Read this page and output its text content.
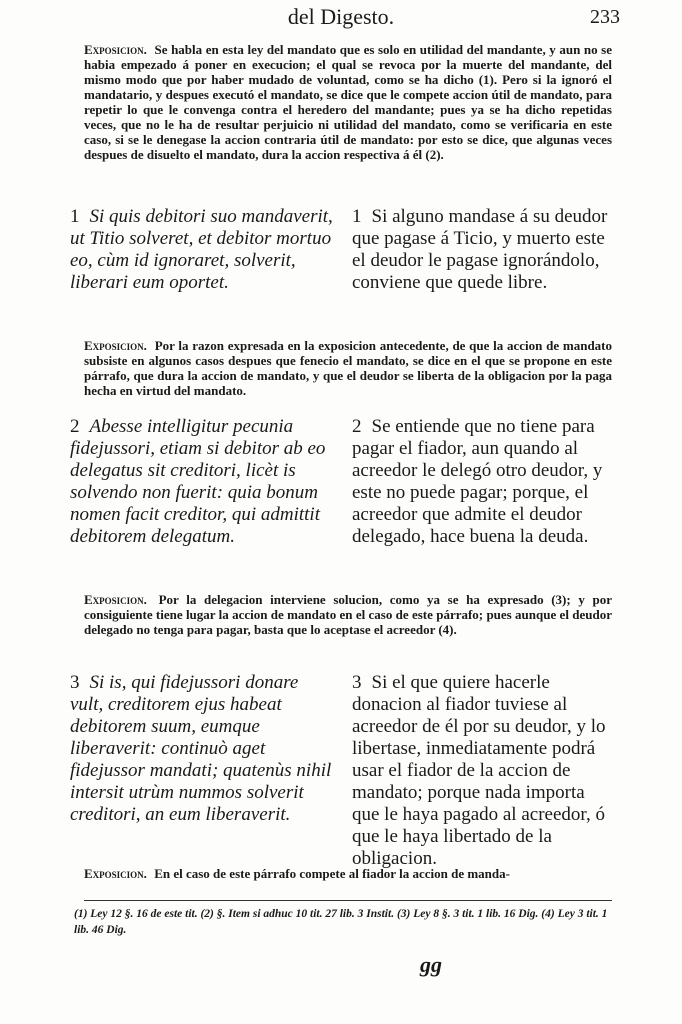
del Digesto.	233
Exposicion. Se habla en esta ley del mandato que es solo en utilidad del mandante, y aun no se habia empezado á poner en execucion; el qual se revoca por la muerte del mandante, del mismo modo que por haber mudado de voluntad, como se ha dicho (1). Pero si la ignoró el mandatario, y despues executó el mandato, se dice que le compete accion útil de mandato, para repetir lo que le convenga contra el heredero del mandante; pues ya se ha dicho repetidas veces, que no le ha de resultar perjuicio ni utilidad del mandato, como se verificaria en este caso, si se le denegase la accion contraria útil de mandato: por esto se dice, que algunas veces despues de disuelto el mandato, dura la accion respectiva á él (2).
1 Si quis debitori suo mandaverit, ut Titio solveret, et debitor mortuo eo, cùm id ignoraret, solverit, liberari eum oportet.
1 Si alguno mandase á su deudor que pagase á Ticio, y muerto este el deudor le pagase ignorándolo, conviene que quede libre.
Exposicion. Por la razon expresada en la exposicion antecedente, de que la accion de mandato subsiste en algunos casos despues que fenecio el mandato, se dice en el que se propone en este párrafo, que dura la accion de mandato, y que el deudor se liberta de la obligacion por la paga hecha en virtud del mandato.
2 Abesse intelligitur pecunia fidejussori, etiam si debitor ab eo delegatus sit creditori, licèt is solvendo non fuerit: quia bonum nomen facit creditor, qui admittit debitorem delegatum.
2 Se entiende que no tiene para pagar el fiador, aun quando al acreedor le delegó otro deudor, y este no puede pagar; porque, el acreedor que admite el deudor delegado, hace buena la deuda.
Exposicion. Por la delegacion interviene solucion, como ya se ha expresado (3); y por consiguiente tiene lugar la accion de mandato en el caso de este párrafo; pues aunque el deudor delegado no tenga para pagar, basta que lo aceptase el acreedor (4).
3 Si is, qui fidejussori donare vult, creditorem ejus habeat debitorem suum, eumque liberaverit: continuò aget fidejussor mandati; quatenùs nihil intersit utrùm nummos solverit creditori, an eum liberaverit.
3 Si el que quiere hacerle donacion al fiador tuviese al acreedor de él por su deudor, y lo libertase, inmediatamente podrá usar el fiador de la accion de mandato; porque nada importa que le haya pagado al acreedor, ó que le haya libertado de la obligacion.
Exposicion. En el caso de este párrafo compete al fiador la accion de manda-
(1) Ley 12 §. 16 de este tit. (2) §. Item si adhuc 10 tit. 27 lib. 3 Instit. (3) Ley 8 §. 3 tit. 1 lib. 16 Dig. (4) Ley 3 tit. 1 lib. 46 Dig.
gg
